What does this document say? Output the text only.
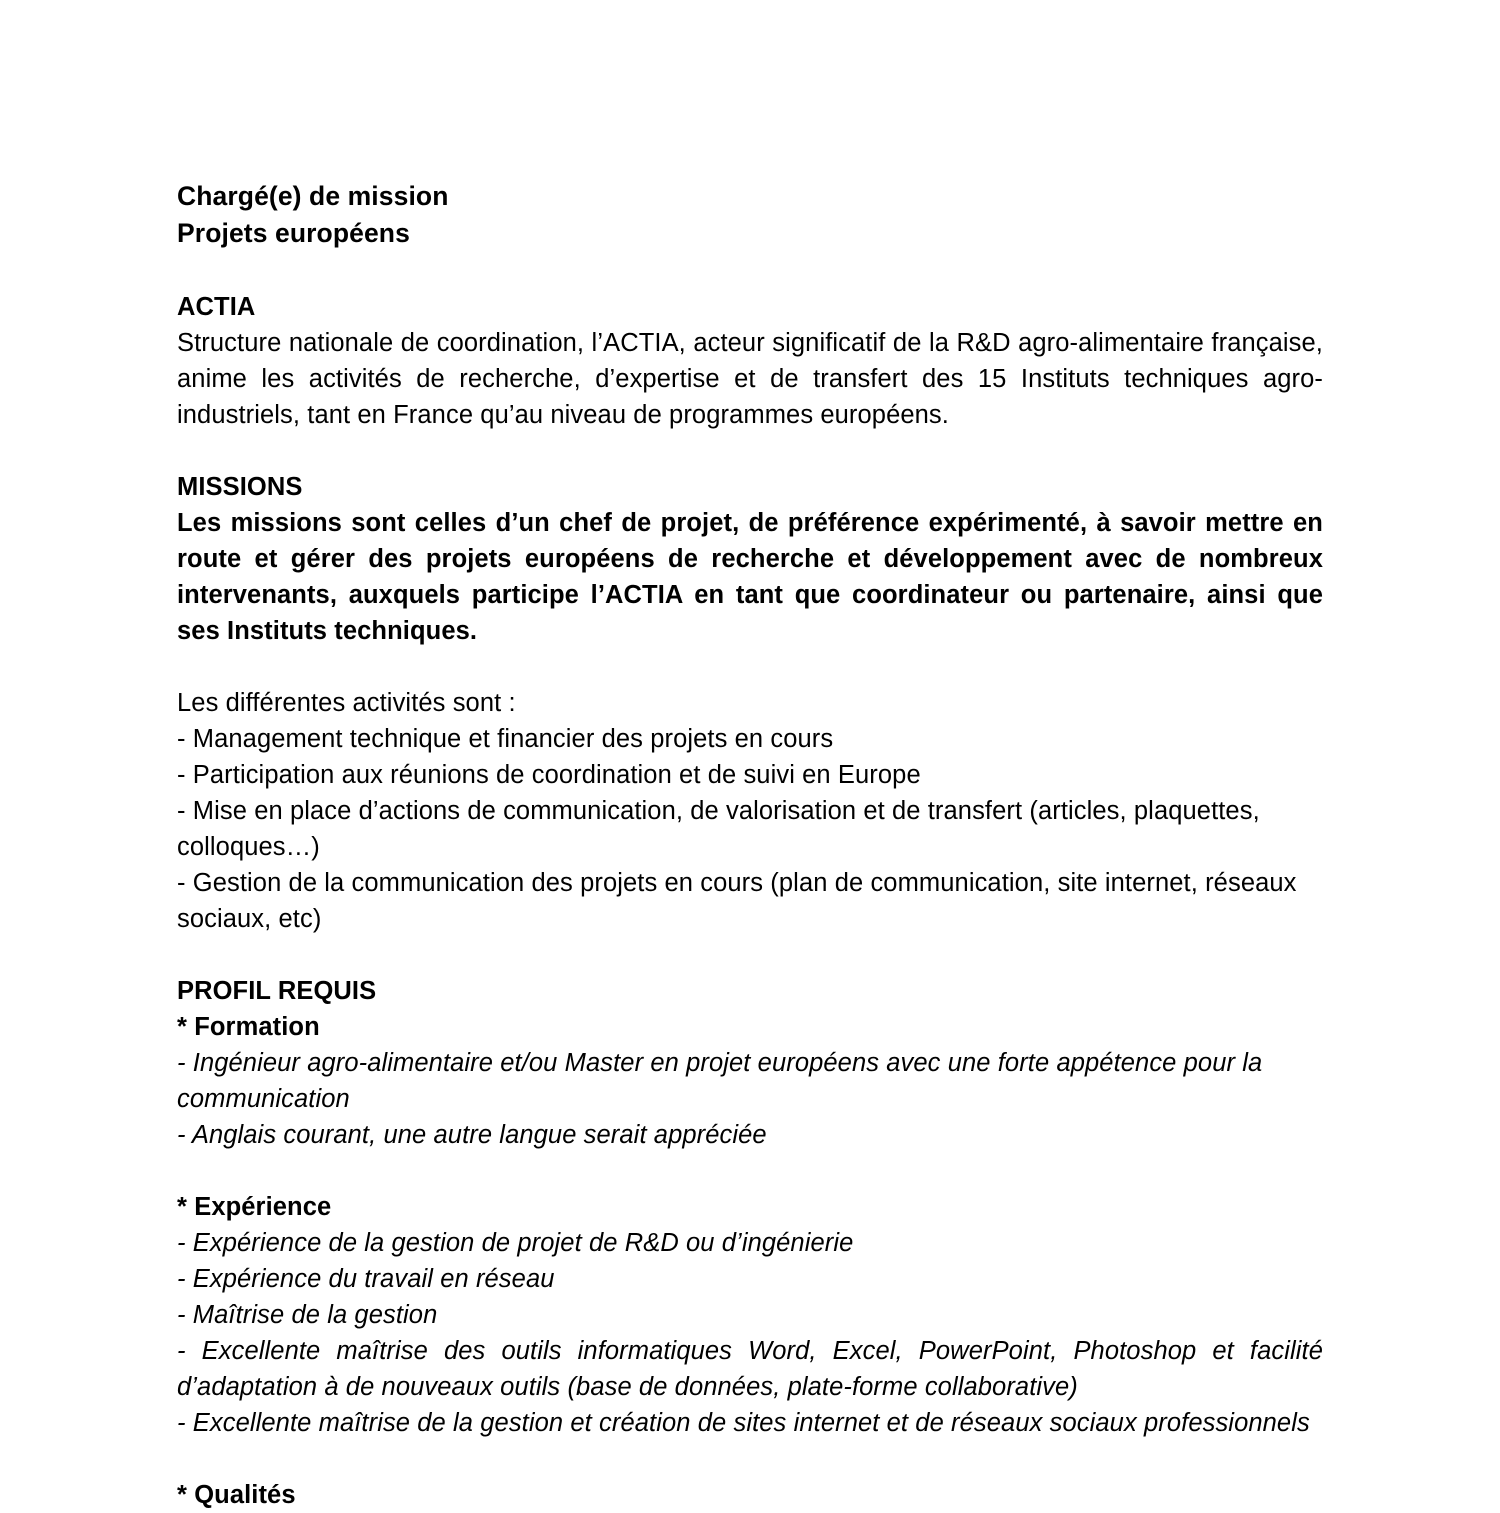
Chargé(e) de mission
Projets européens
ACTIA

Structure nationale de coordination, l’ACTIA, acteur significatif de la R&D agro-alimentaire française, anime les activités de recherche, d’expertise et de transfert des 15 Instituts techniques agro-industriels, tant en France qu’au niveau de programmes européens.

MISSIONS

Les missions sont celles d’un chef de projet, de préférence expérimenté, à savoir mettre en route et gérer des projets européens de recherche et développement avec de nombreux intervenants, auxquels participe l’ACTIA en tant que coordinateur ou partenaire, ainsi que ses Instituts techniques.

Les différentes activités sont :
- Management technique et financier des projets en cours
- Participation aux réunions de coordination et de suivi en Europe
- Mise en place d’actions de communication, de valorisation et de transfert (articles, plaquettes, colloques…)
- Gestion de la communication des projets en cours (plan de communication, site internet, réseaux sociaux, etc)
PROFIL REQUIS
* Formation
- Ingénieur agro-alimentaire et/ou Master en projet européens avec une forte appétence pour la communication
- Anglais courant, une autre langue serait appréciée
* Expérience
- Expérience de la gestion de projet de R&D ou d’ingénierie
- Expérience du travail en réseau
- Maîtrise de la gestion

- Excellente maîtrise des outils informatiques Word, Excel, PowerPoint, Photoshop et facilité d’adaptation à de nouveaux outils (base de données, plate-forme collaborative)

- Excellente maîtrise de la gestion et création de sites internet et de réseaux sociaux professionnels
* Qualités
